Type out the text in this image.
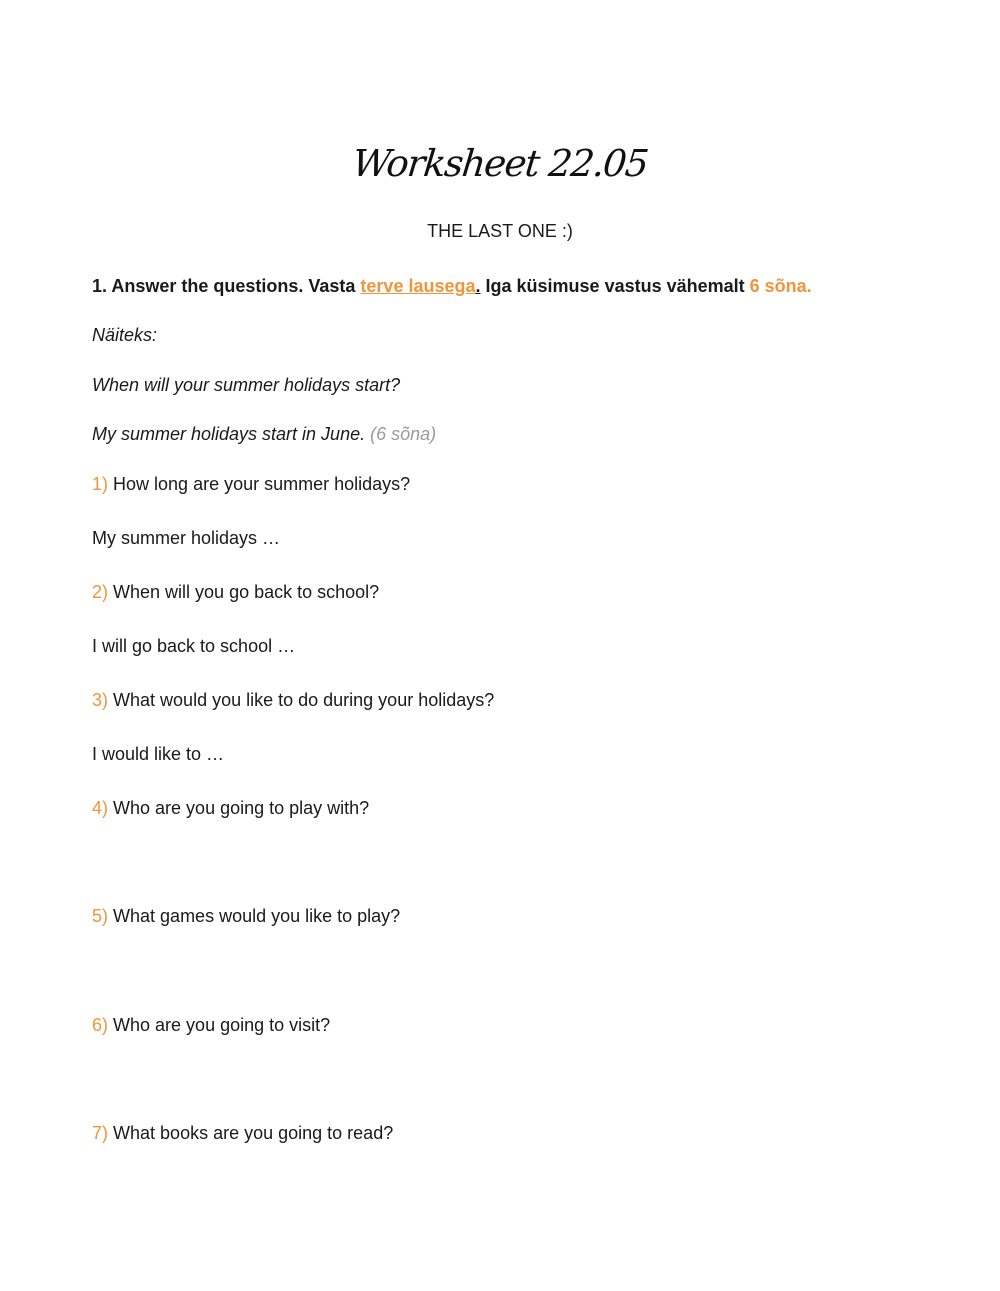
Worksheet 22.05
THE LAST ONE :)
1. Answer the questions. Vasta terve lausega. Iga küsimuse vastus vähemalt 6 sõna.
Näiteks:
When will your summer holidays start?
My summer holidays start in June. (6 sõna)
1) How long are your summer holidays?
My summer holidays …
2) When will you go back to school?
I will go back to school …
3) What would you like to do during your holidays?
I would like to …
4) Who are you going to play with?
5) What games would you like to play?
6) Who are you going to visit?
7) What books are you going to read?
